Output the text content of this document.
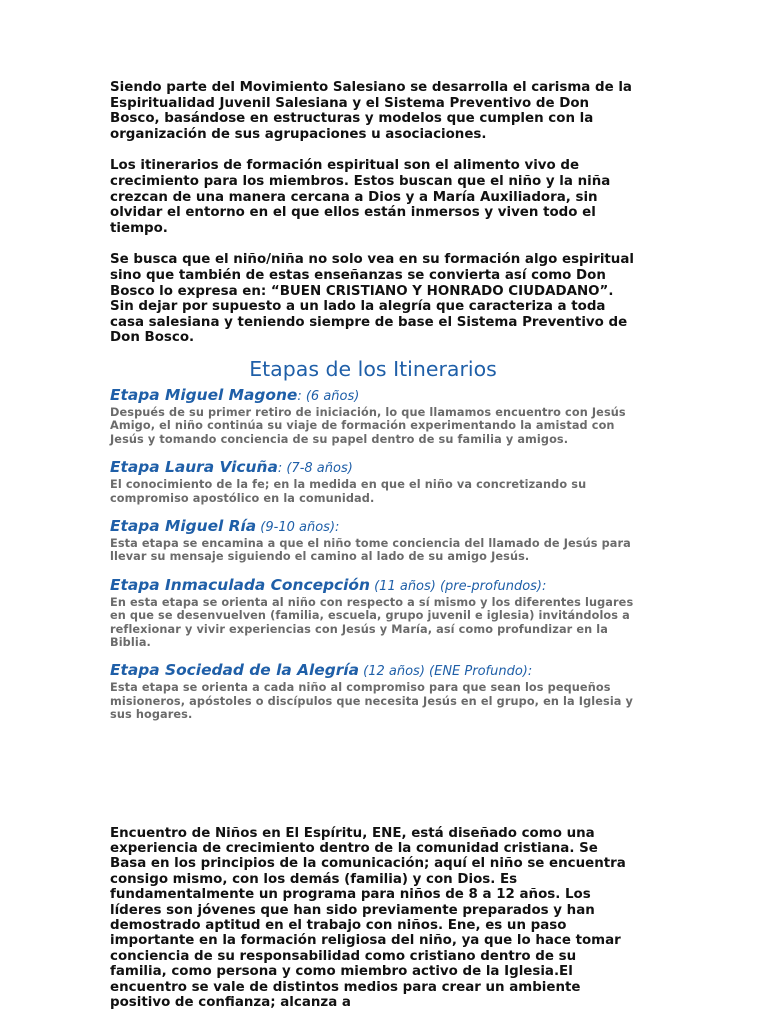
Siendo parte del Movimiento Salesiano se desarrolla el carisma de la Espiritualidad Juvenil Salesiana y el Sistema Preventivo de Don Bosco, basándose en estructuras y modelos que cumplen con la organización de sus agrupaciones u asociaciones.

Los itinerarios de formación espiritual son el alimento vivo de crecimiento para los miembros. Estos buscan que el niño y la niña crezcan de una manera cercana a Dios y a María Auxiliadora, sin olvidar el entorno en el que ellos están inmersos y viven todo el tiempo.

Se busca que el niño/niña no solo vea en su formación algo espiritual sino que también de estas enseñanzas se convierta así como Don Bosco lo expresa en: “BUEN CRISTIANO Y HONRADO CIUDADANO”. Sin dejar por supuesto a un lado la alegría que caracteriza a toda casa salesiana y teniendo siempre de base el Sistema Preventivo de Don Bosco.

Etapas de los Itinerarios

Etapa Miguel Magone: (6 años)

Después de su primer retiro de iniciación, lo que llamamos encuentro con Jesús Amigo, el niño continúa su viaje de formación experimentando la amistad con Jesús y tomando conciencia de su papel dentro de su familia y amigos.

Etapa Laura Vicuña: (7-8 años)

El conocimiento de la fe; en la medida en que el niño va concretizando su compromiso apostólico en la comunidad.

Etapa Miguel Ría (9-10 años):

Esta etapa se encamina a que el niño tome conciencia del llamado de Jesús para llevar su mensaje siguiendo el camino al lado de su amigo Jesús.

Etapa Inmaculada Concepción (11 años) (pre-profundos):

En esta etapa se orienta al niño con respecto a sí mismo y los diferentes lugares en que se desenvuelven (familia, escuela, grupo juvenil e iglesia) invitándolos a reflexionar y vivir experiencias con Jesús y María, así como profundizar en la Biblia.

Etapa Sociedad de la Alegría (12 años) (ENE Profundo):

Esta etapa se orienta a cada niño al compromiso para que sean los pequeños misioneros, apóstoles o discípulos que necesita Jesús en el grupo, en la Iglesia y sus hogares.

Encuentro de Niños en El Espíritu, ENE, está diseñado como una experiencia de crecimiento dentro de la comunidad cristiana. Se Basa en los principios de la comunicación; aquí el niño se encuentra consigo mismo, con los demás (familia) y con Dios. Es fundamentalmente un programa para niños de 8 a 12 años. Los líderes son jóvenes que han sido previamente preparados y han demostrado aptitud en el trabajo con niños. Ene, es un paso importante en la formación religiosa del niño, ya que lo hace tomar conciencia de su responsabilidad como cristiano dentro de su familia, como persona y como miembro activo de la Iglesia.El encuentro se vale de distintos medios para crear un ambiente positivo de confianza; alcanza a
